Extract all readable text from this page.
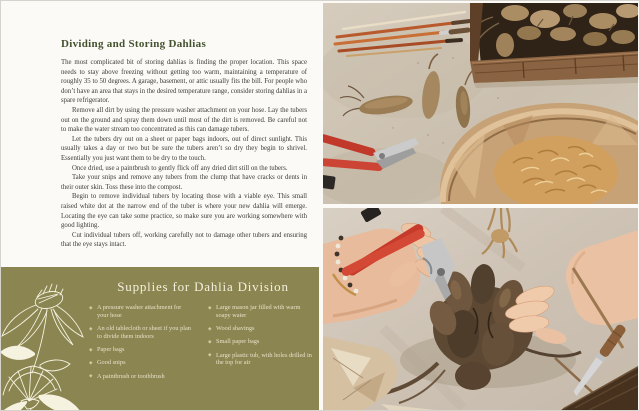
Dividing and Storing Dahlias

The most complicated bit of storing dahlias is finding the proper location. This space needs to stay above freezing without getting too warm, maintaining a temperature of roughly 35 to 50 degrees. A garage, basement, or attic usually fits the bill. For people who don’t have an area that stays in the desired temperature range, consider storing dahlias in a spare refrigerator.

Remove all dirt by using the pressure washer attachment on your hose. Lay the tubers out on the ground and spray them down until most of the dirt is removed. Be careful not to make the water stream too concentrated as this can damage tubers.

Let the tubers dry out on a sheet or paper bags indoors, out of direct sunlight. This usually takes a day or two but be sure the tubers aren’t so dry they begin to shrivel. Essentially you just want them to be dry to the touch.

Once dried, use a paintbrush to gently flick off any dried dirt still on the tubers.

Take your snips and remove any tubers from the clump that have cracks or dents in their outer skin. Toss these into the compost.

Begin to remove individual tubers by locating those with a viable eye. This small raised white dot at the narrow end of the tuber is where your new dahlia will emerge. Locating the eye can take some practice, so make sure you are working somewhere with good lighting.

Cut individual tubers off, working carefully not to damage other tubers and ensuring that the eye stays intact.

Supplies for Dahlia Division
◆ A pressure washer attachment for your hose
◆ An old tablecloth or sheet if you plan to divide them indoors
◆ Paper bags
◆ Good snips
◆ A paintbrush or toothbrush
◆ Large mason jar filled with warm soapy water
◆ Wood shavings
◆ Small paper bags
◆ Large plastic tub, with holes drilled in the top for air
